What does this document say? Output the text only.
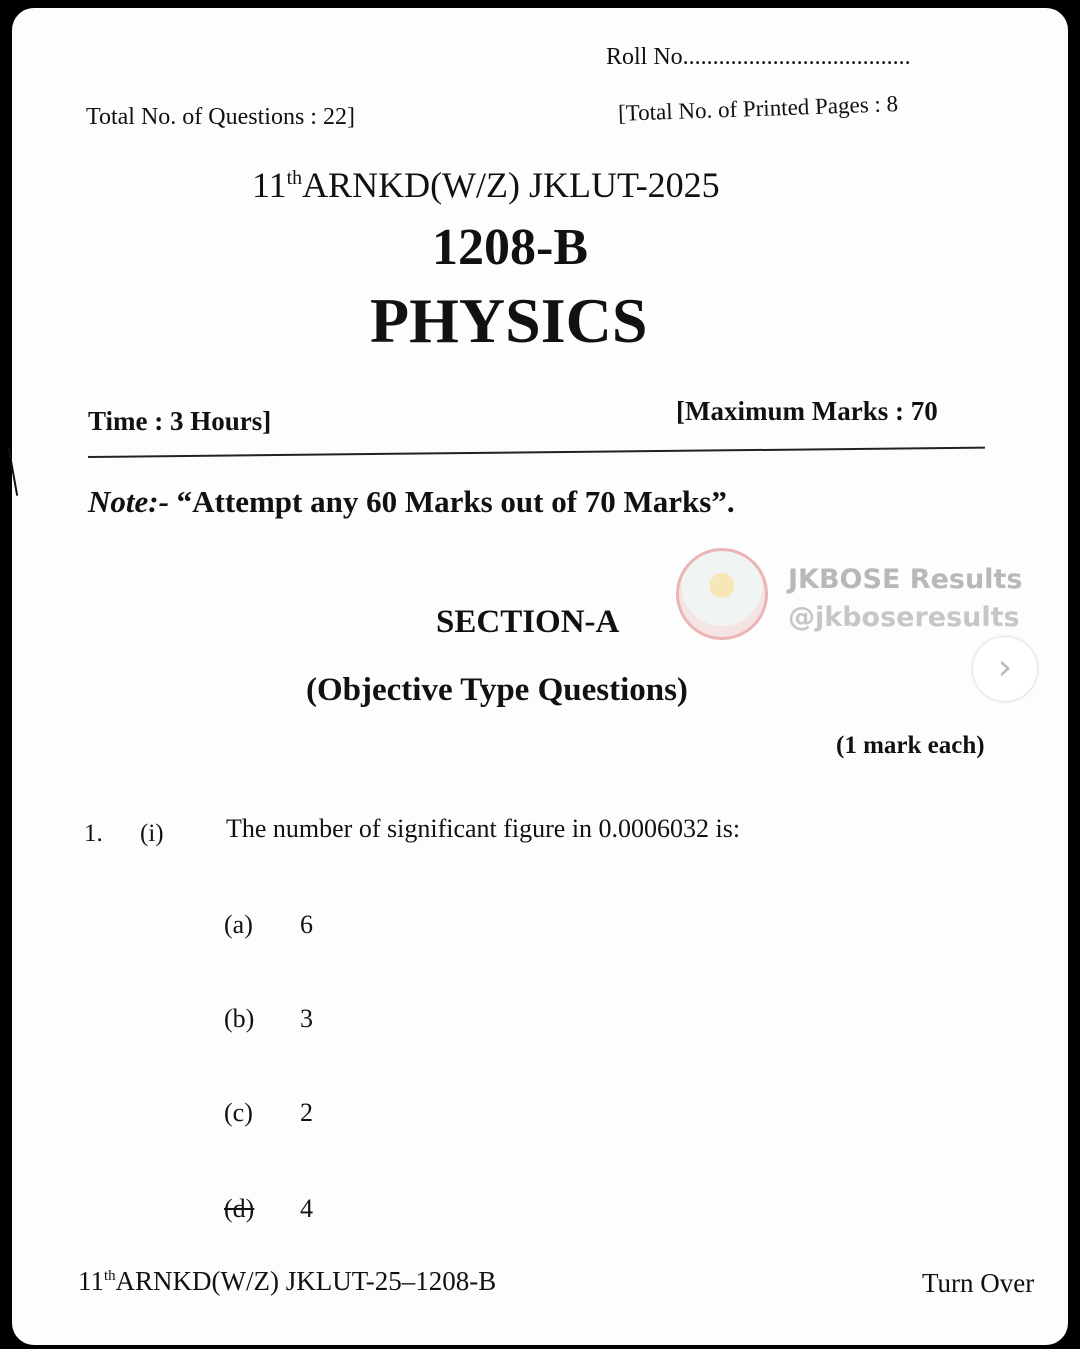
Roll No......................................
Total No. of Questions : 22]	[Total No. of Printed Pages : 8
11thARNKD(W/Z) JKLUT-2025
1208-B
PHYSICS
Time : 3 Hours]	[Maximum Marks : 70
Note:- “Attempt any 60 Marks out of 70 Marks”.
SECTION-A
(Objective Type Questions)
(1 mark each)
1. (i) The number of significant figure in 0.0006032 is:
(a) 6
(b) 3
(c) 2
(d) 4
11thARNKD(W/Z) JKLUT-25–1208-B	Turn Over
JKBOSE Results
@jkboseresults
›
